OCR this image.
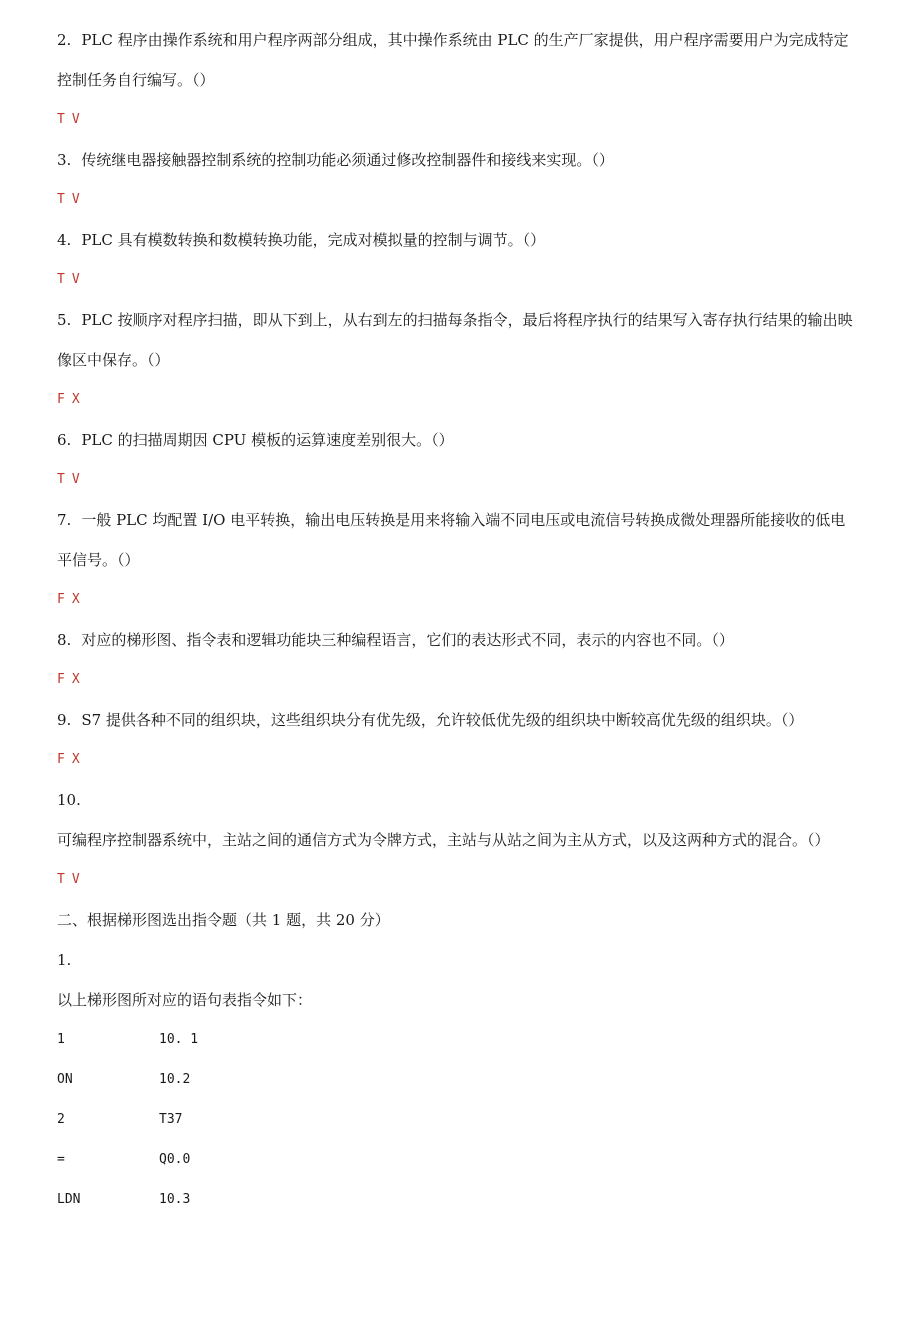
2. PLC 程序由操作系统和用户程序两部分组成，其中操作系统由 PLC 的生产厂家提供，用户程序需要用户为完成特定控制任务自行编写。（）

T V

3. 传统继电器接触器控制系统的控制功能必须通过修改控制器件和接线来实现。（）

T V

4. PLC 具有模数转换和数模转换功能，完成对模拟量的控制与调节。（）

T V

5. PLC 按顺序对程序扫描，即从下到上，从右到左的扫描每条指令，最后将程序执行的结果写入寄存执行结果的输出映像区中保存。（）

F X

6. PLC 的扫描周期因 CPU 模板的运算速度差别很大。（）

T V

7. 一般 PLC 均配置 I/O 电平转换，输出电压转换是用来将输入端不同电压或电流信号转换成微处理器所能接收的低电平信号。（）

F X

8. 对应的梯形图、指令表和逻辑功能块三种编程语言，它们的表达形式不同，表示的内容也不同。（）

F X

9. S7 提供各种不同的组织块，这些组织块分有优先级，允许较低优先级的组织块中断较高优先级的组织块。（）

F X

10.可编程序控制器系统中，主站之间的通信方式为令牌方式，主站与从站之间为主从方式，以及这两种方式的混合。（）

T V

二、根据梯形图选出指令题（共 1 题，共 20 分）

1.

以上梯形图所对应的语句表指令如下：

1	10. 1
ON	10.2
2	T37
=	Q0.0
LDN	10.3
